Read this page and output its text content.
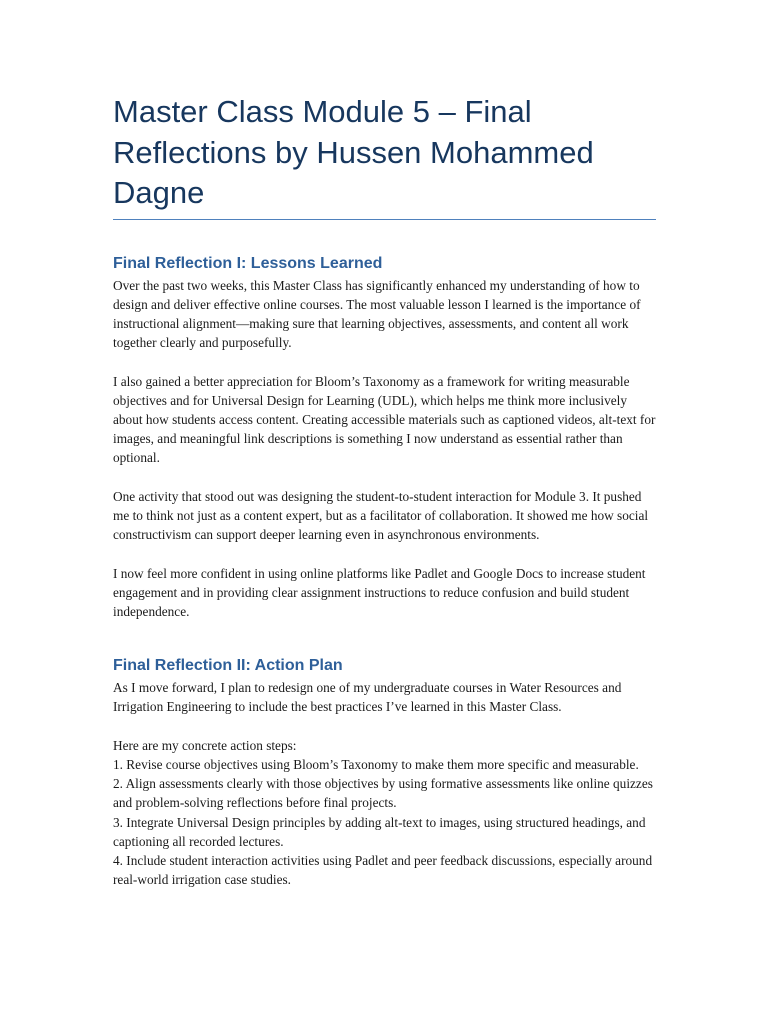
Master Class Module 5 – Final Reflections by Hussen Mohammed Dagne
Final Reflection I: Lessons Learned

Over the past two weeks, this Master Class has significantly enhanced my understanding of how to design and deliver effective online courses. The most valuable lesson I learned is the importance of instructional alignment—making sure that learning objectives, assessments, and content all work together clearly and purposefully.

I also gained a better appreciation for Bloom’s Taxonomy as a framework for writing measurable objectives and for Universal Design for Learning (UDL), which helps me think more inclusively about how students access content. Creating accessible materials such as captioned videos, alt-text for images, and meaningful link descriptions is something I now understand as essential rather than optional.

One activity that stood out was designing the student-to-student interaction for Module 3. It pushed me to think not just as a content expert, but as a facilitator of collaboration. It showed me how social constructivism can support deeper learning even in asynchronous environments.

I now feel more confident in using online platforms like Padlet and Google Docs to increase student engagement and in providing clear assignment instructions to reduce confusion and build student independence.

Final Reflection II: Action Plan

As I move forward, I plan to redesign one of my undergraduate courses in Water Resources and Irrigation Engineering to include the best practices I’ve learned in this Master Class.

Here are my concrete action steps:

1. Revise course objectives using Bloom’s Taxonomy to make them more specific and measurable.

2. Align assessments clearly with those objectives by using formative assessments like online quizzes and problem-solving reflections before final projects.

3. Integrate Universal Design principles by adding alt-text to images, using structured headings, and captioning all recorded lectures.

4. Include student interaction activities using Padlet and peer feedback discussions, especially around real-world irrigation case studies.
